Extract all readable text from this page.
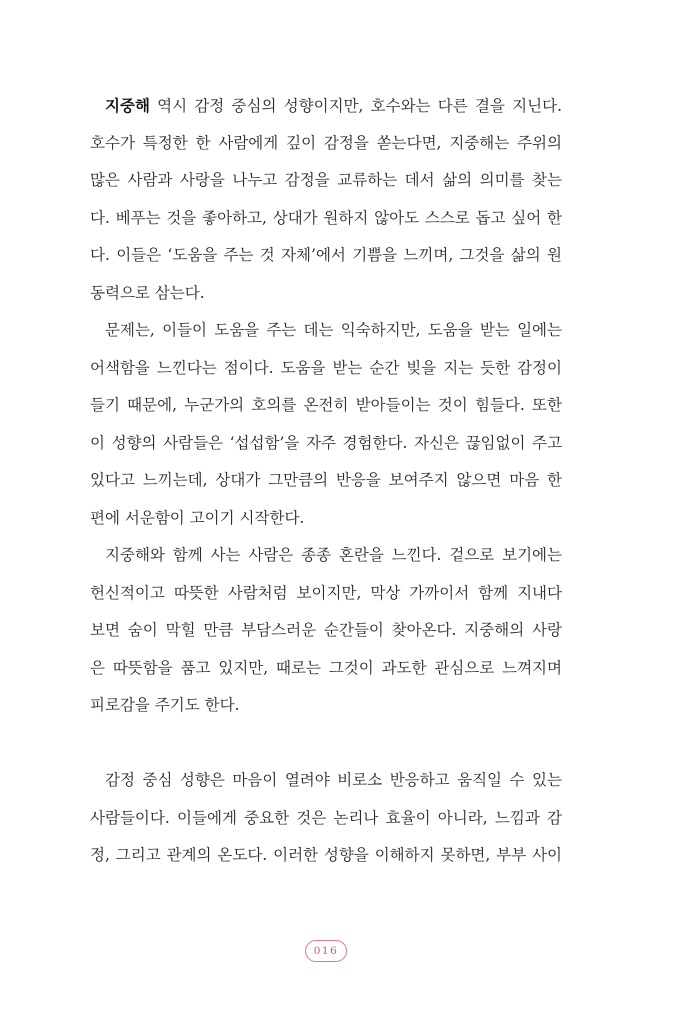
지중해 역시 감정 중심의 성향이지만, 호수와는 다른 결을 지닌다.
호수가 특정한 한 사람에게 깊이 감정을 쏟는다면, 지중해는 주위의
많은 사람과 사랑을 나누고 감정을 교류하는 데서 삶의 의미를 찾는
다. 베푸는 것을 좋아하고, 상대가 원하지 않아도 스스로 돕고 싶어 한
다. 이들은 ‘도움을 주는 것 자체’에서 기쁨을 느끼며, 그것을 삶의 원
동력으로 삼는다.
문제는, 이들이 도움을 주는 데는 익숙하지만, 도움을 받는 일에는
어색함을 느낀다는 점이다. 도움을 받는 순간 빚을 지는 듯한 감정이
들기 때문에, 누군가의 호의를 온전히 받아들이는 것이 힘들다. 또한
이 성향의 사람들은 ‘섭섭함’을 자주 경험한다. 자신은 끊임없이 주고
있다고 느끼는데, 상대가 그만큼의 반응을 보여주지 않으면 마음 한
편에 서운함이 고이기 시작한다.
지중해와 함께 사는 사람은 종종 혼란을 느낀다. 겉으로 보기에는
헌신적이고 따뜻한 사람처럼 보이지만, 막상 가까이서 함께 지내다
보면 숨이 막힐 만큼 부담스러운 순간들이 찾아온다. 지중해의 사랑
은 따뜻함을 품고 있지만, 때로는 그것이 과도한 관심으로 느껴지며
피로감을 주기도 한다.
감정 중심 성향은 마음이 열려야 비로소 반응하고 움직일 수 있는
사람들이다. 이들에게 중요한 것은 논리나 효율이 아니라, 느낌과 감
정, 그리고 관계의 온도다. 이러한 성향을 이해하지 못하면, 부부 사이
016
